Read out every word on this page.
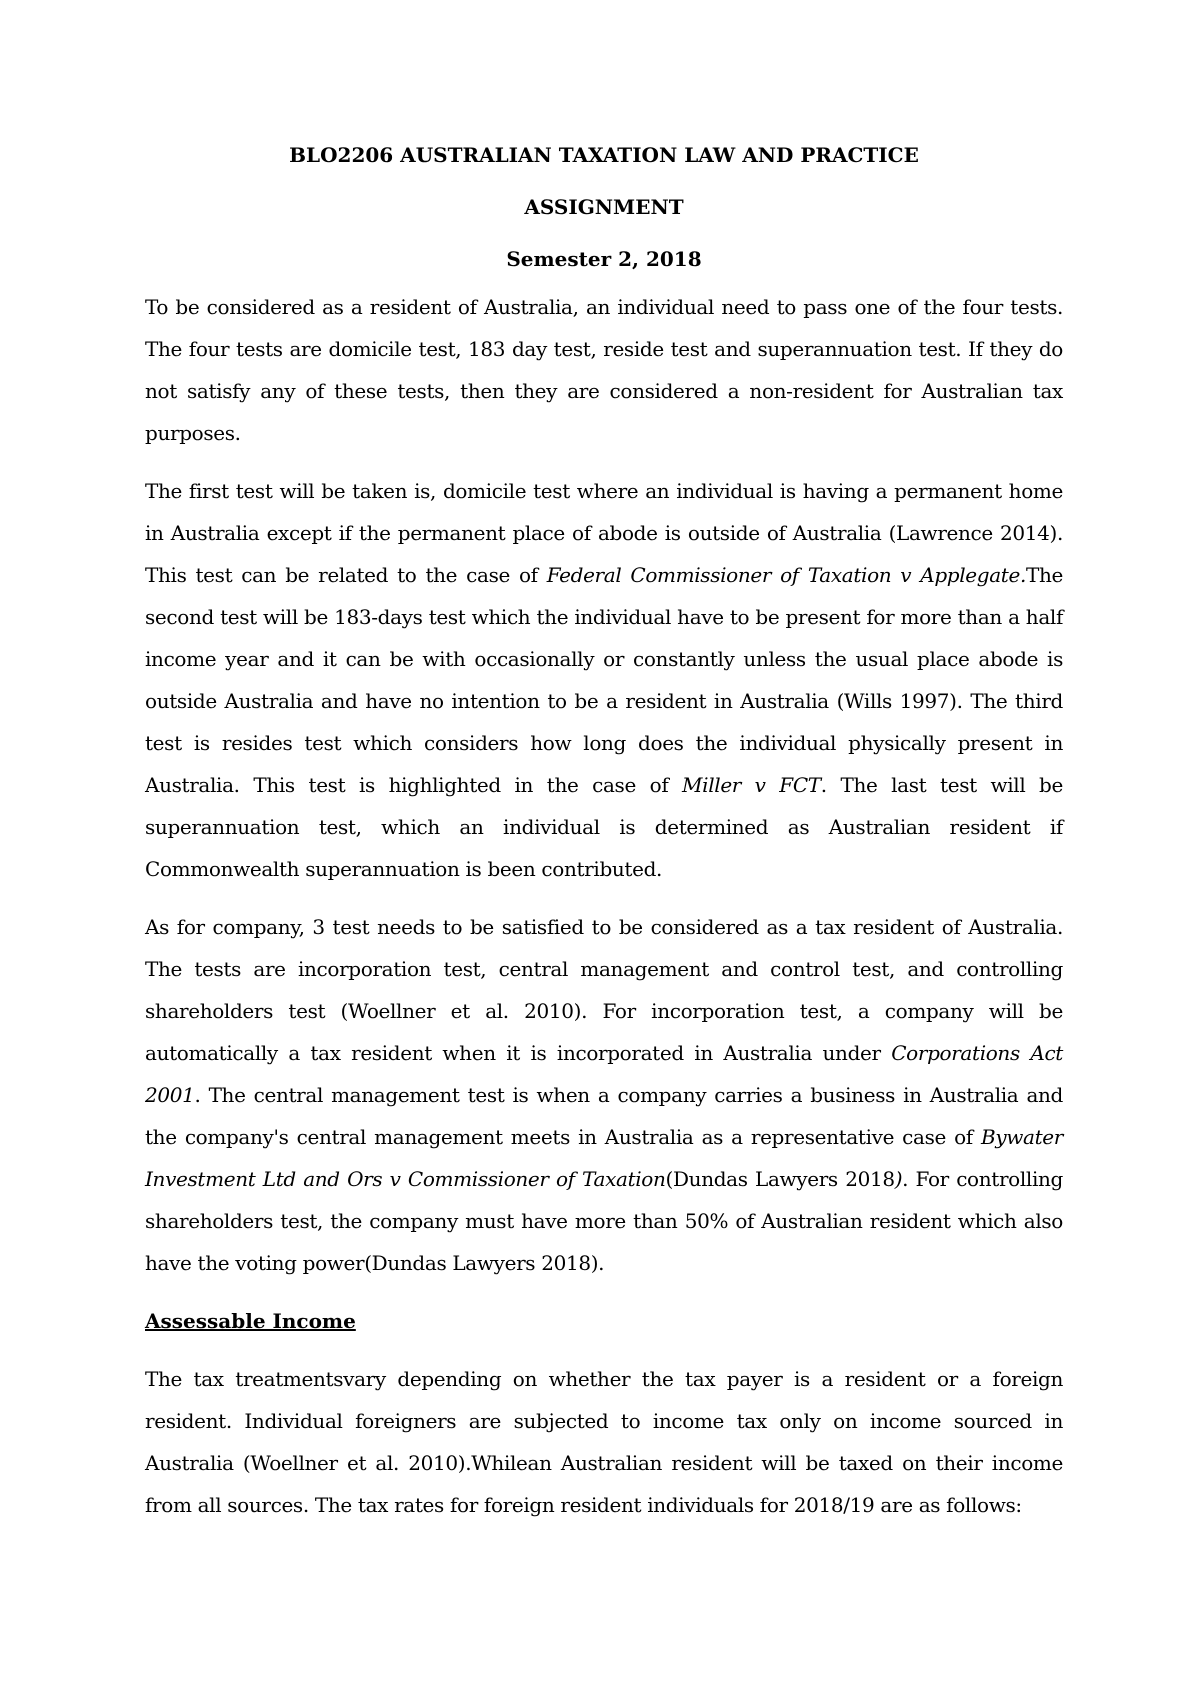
BLO2206 AUSTRALIAN TAXATION LAW AND PRACTICE
ASSIGNMENT
Semester 2, 2018

To be considered as a resident of Australia, an individual need to pass one of the four tests. The four tests are domicile test, 183 day test, reside test and superannuation test. If they do not satisfy any of these tests, then they are considered a non-resident for Australian tax purposes.

The first test will be taken is, domicile test where an individual is having a permanent home in Australia except if the permanent place of abode is outside of Australia (Lawrence 2014). This test can be related to the case of Federal Commissioner of Taxation v Applegate.The second test will be 183-days test which the individual have to be present for more than a half income year and it can be with occasionally or constantly unless the usual place abode is outside Australia and have no intention to be a resident in Australia (Wills 1997). The third test is resides test which considers how long does the individual physically present in Australia. This test is highlighted in the case of Miller v FCT. The last test will be superannuation test, which an individual is determined as Australian resident if Commonwealth superannuation is been contributed.

As for company, 3 test needs to be satisfied to be considered as a tax resident of Australia. The tests are incorporation test, central management and control test, and controlling shareholders test (Woellner et al. 2010). For incorporation test, a company will be automatically a tax resident when it is incorporated in Australia under Corporations Act 2001. The central management test is when a company carries a business in Australia and the company's central management meets in Australia as a representative case of Bywater Investment Ltd and Ors v Commissioner of Taxation(Dundas Lawyers 2018). For controlling shareholders test, the company must have more than 50% of Australian resident which also have the voting power(Dundas Lawyers 2018).

Assessable Income

The tax treatmentsvary depending on whether the tax payer is a resident or a foreign resident. Individual foreigners are subjected to income tax only on income sourced in Australia (Woellner et al. 2010).Whilean Australian resident will be taxed on their income from all sources. The tax rates for foreign resident individuals for 2018/19 are as follows:
